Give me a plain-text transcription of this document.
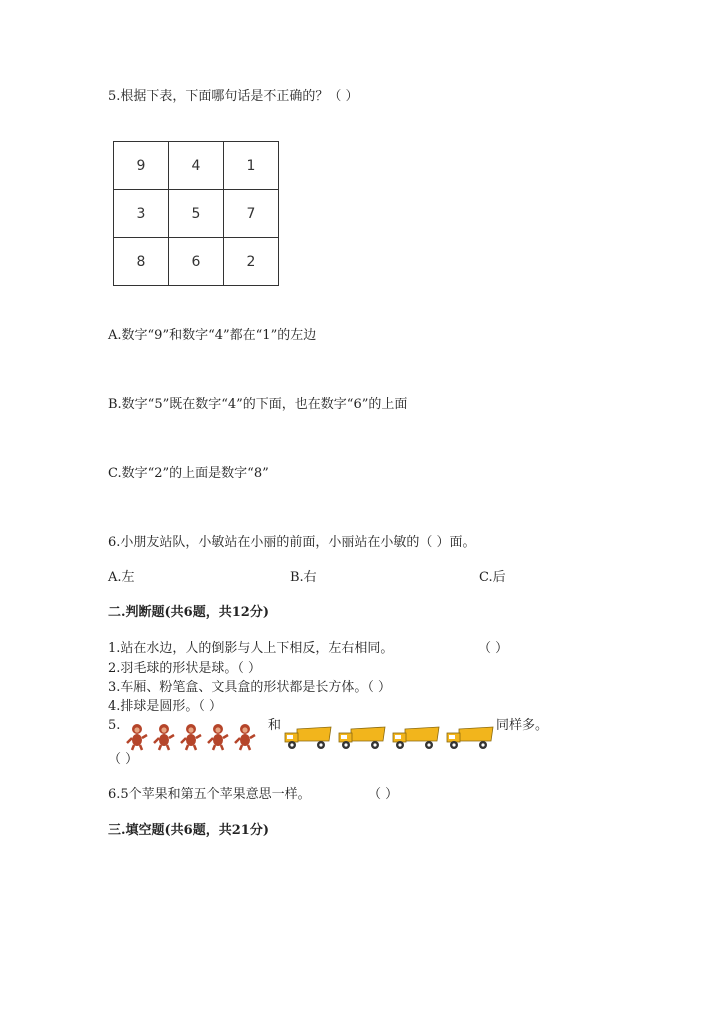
5.根据下表，下面哪句话是不正确的？（ ）
9	4	1
3	5	7
8	6	2
A.数字“9”和数字“4”都在“1”的左边
B.数字“5”既在数字“4”的下面，也在数字“6”的上面
C.数字“2”的上面是数字“8”
6.小朋友站队，小敏站在小丽的前面，小丽站在小敏的（ ）面。
A.左	B.右	C.后
二.判断题(共6题，共12分)
1.站在水边，人的倒影与人上下相反，左右相同。	（ ）
2.羽毛球的形状是球。（ ）
3.车厢、粉笔盒、文具盒的形状都是长方体。（ ）
4.排球是圆形。（ ）
5.	和	同样多。
（ ）
6.5个苹果和第五个苹果意思一样。	（ ）
三.填空题(共6题，共21分)
